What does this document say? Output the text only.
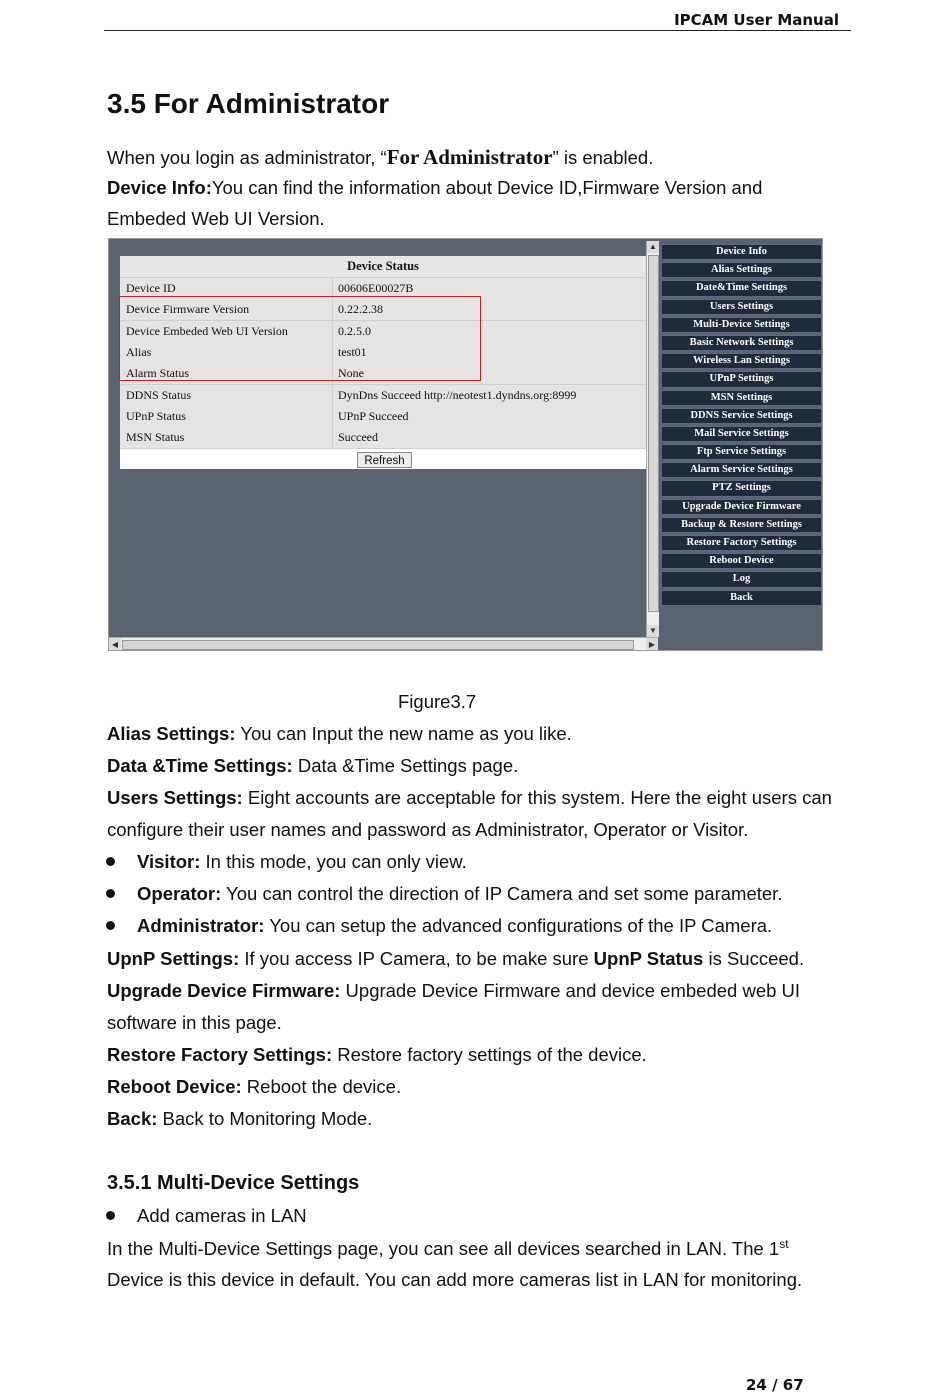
IPCAM User Manual
3.5 For Administrator
When you login as administrator, “For Administrator” is enabled.
Device Info:You can find the information about Device ID,Firmware Version and
Embeded Web UI Version.
Device Status
Device ID	00606E00027B
Device Firmware Version	0.22.2.38
Device Embeded Web UI Version	0.2.5.0
Alias	test01
Alarm Status	None
DDNS Status	DynDns Succeed http://neotest1.dyndns.org:8999
UPnP Status	UPnP Succeed
MSN Status	Succeed
Refresh
▲
▼
◀	▶
Device Info
Alias Settings
Date&Time Settings
Users Settings
Multi-Device Settings
Basic Network Settings
Wireless Lan Settings
UPnP Settings
MSN Settings
DDNS Service Settings
Mail Service Settings
Ftp Service Settings
Alarm Service Settings
PTZ Settings
Upgrade Device Firmware
Backup & Restore Settings
Restore Factory Settings
Reboot Device
Log
Back
Figure3.7
Alias Settings: You can Input the new name as you like.
Data &Time Settings: Data &Time Settings page.
Users Settings: Eight accounts are acceptable for this system. Here the eight users can
configure their user names and password as Administrator, Operator or Visitor.
Visitor: In this mode, you can only view.
Operator: You can control the direction of IP Camera and set some parameter.
Administrator: You can setup the advanced configurations of the IP Camera.
UpnP Settings: If you access IP Camera, to be make sure UpnP Status is Succeed.
Upgrade Device Firmware: Upgrade Device Firmware and device embeded web UI
software in this page.
Restore Factory Settings: Restore factory settings of the device.
Reboot Device: Reboot the device.
Back: Back to Monitoring Mode.
3.5.1 Multi-Device Settings
Add cameras in LAN
In the Multi-Device Settings page, you can see all devices searched in LAN. The 1st
Device is this device in default. You can add more cameras list in LAN for monitoring.
24 / 67
